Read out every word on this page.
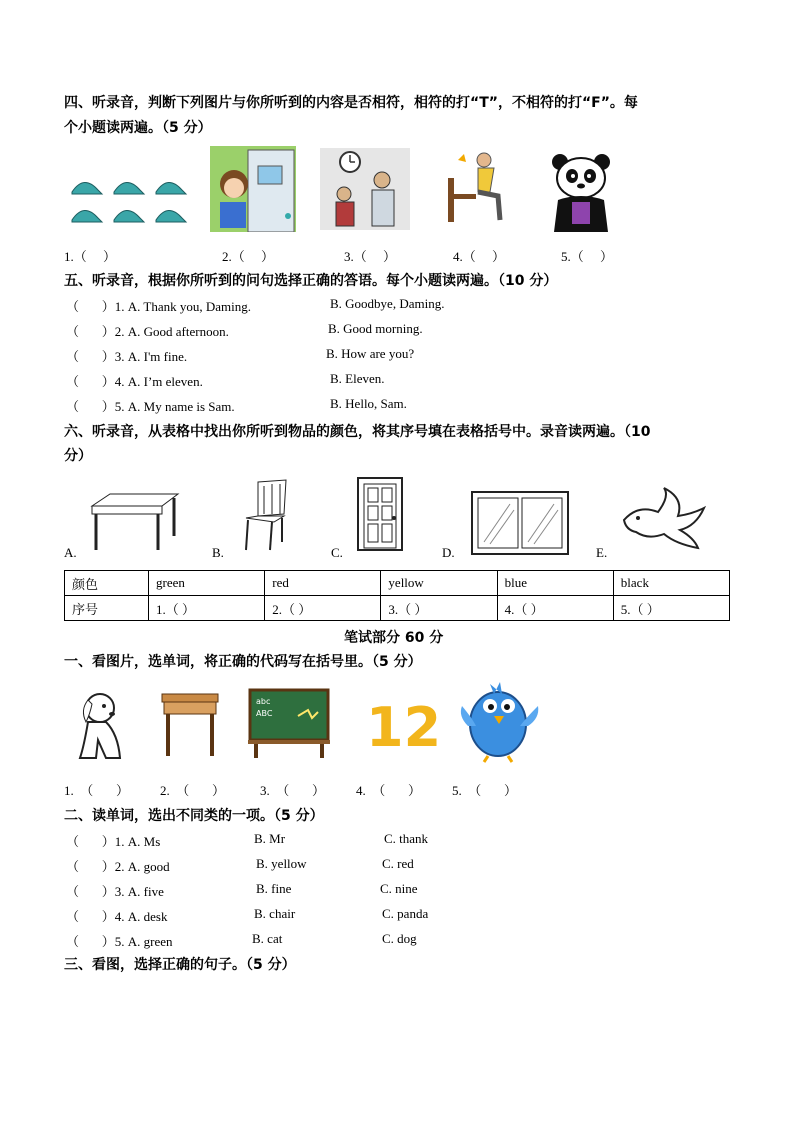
四、听录音，判断下列图片与你所听到的内容是否相符，相符的打“T”，不相符的打“F”。每
个小题读两遍。（5 分）
1.（     ）	2.（     ）	3.（     ）	4.（     ）	5.（     ）
五、听录音，根据你所听到的问句选择正确的答语。每个小题读两遍。（10 分）
（       ）1. A. Thank you, Daming.	B. Goodbye, Daming.
（       ）2. A. Good afternoon.	B. Good morning.
（       ）3. A. I'm fine.	B. How are you?
（       ）4. A. I’m eleven.	B. Eleven.
（       ）5. A. My name is Sam.	B. Hello, Sam.
六、听录音，从表格中找出你所听到物品的颜色，将其序号填在表格括号中。录音读两遍。（10
分）
A.	B.	C.	D.	E.
颜色	green	red	yellow	blue	black
序号	1.（ ）	2.（ ）	3.（ ）	4.（ ）	5.（ ）
笔试部分 60 分
一、看图片，选单词，将正确的代码写在括号里。（5 分）
abc
ABC 12
1.  （       ） 2.  （       ）	3.  （       ） 4.  （       ） 5.  （       ）
二、读单词，选出不同类的一项。（5 分）
（       ）1. A. Ms	B. Mr	C. thank
（       ）2. A. good	B. yellow	C. red
（       ）3. A. five	B. fine	C. nine
（       ）4. A. desk	B. chair	C. panda
（       ）5. A. green	B. cat	C. dog
三、看图，选择正确的句子。（5 分）
